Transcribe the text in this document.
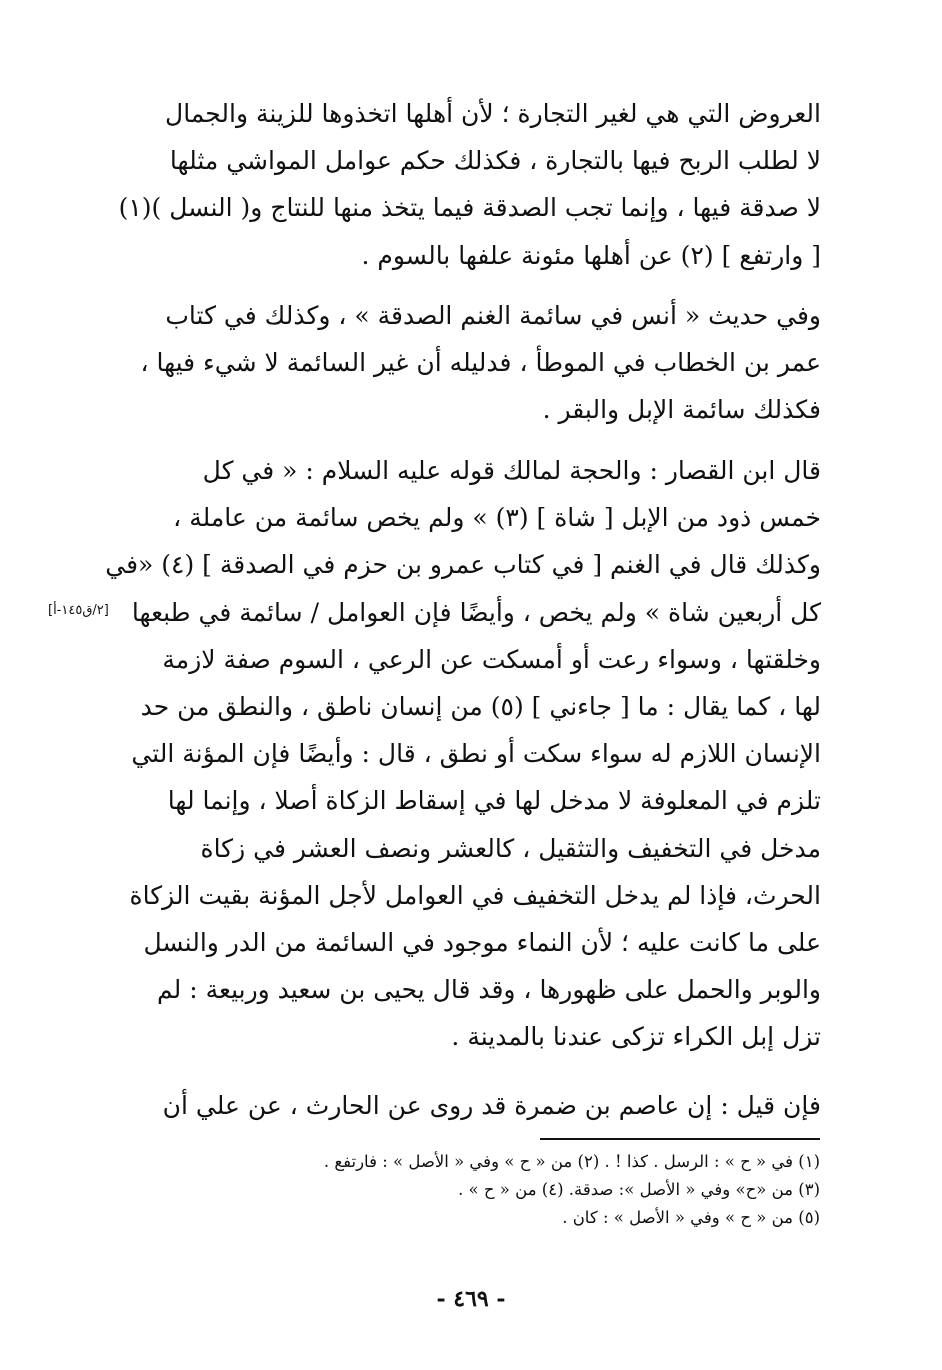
العروض التي هي لغير التجارة ؛ لأن أهلها اتخذوها للزينة والجمال
لا لطلب الربح فيها بالتجارة ، فكذلك حكم عوامل المواشي مثلها
لا صدقة فيها ، وإنما تجب الصدقة فيما يتخذ منها للنتاج و( النسل )(١)
[ وارتفع ] (٢) عن أهلها مئونة علفها بالسوم .
وفي حديث « أنس في سائمة الغنم الصدقة » ، وكذلك في كتاب
عمر بن الخطاب في الموطأ ، فدليله أن غير السائمة لا شيء فيها ،
فكذلك سائمة الإبل والبقر .
قال ابن القصار : والحجة لمالك قوله عليه السلام : « في كل
خمس ذود من الإبل [ شاة ] (٣) » ولم يخص سائمة من عاملة ،
وكذلك قال في الغنم [ في كتاب عمرو بن حزم في الصدقة ] (٤) «في
كل أربعين شاة » ولم يخص ، وأيضًا فإن العوامل / سائمة في طبعها
وخلقتها ، وسواء رعت أو أمسكت عن الرعي ، السوم صفة لازمة
لها ، كما يقال : ما [ جاءني ] (٥) من إنسان ناطق ، والنطق من حد
الإنسان اللازم له سواء سكت أو نطق ، قال : وأيضًا فإن المؤنة التي
تلزم في المعلوفة لا مدخل لها في إسقاط الزكاة أصلا ، وإنما لها
مدخل في التخفيف والتثقيل ، كالعشر ونصف العشر في زكاة
الحرث، فإذا لم يدخل التخفيف في العوامل لأجل المؤنة بقيت الزكاة
على ما كانت عليه ؛ لأن النماء موجود في السائمة من الدر والنسل
والوبر والحمل على ظهورها ، وقد قال يحيى بن سعيد وربيعة : لم
تزل إبل الكراء تزكى عندنا بالمدينة .
فإن قيل : إن عاصم بن ضمرة قد روى عن الحارث ، عن علي أن
[٢/ق١٤٥-أ]
(١) في « ح » : الرسل . كذا ! . (٢) من « ح » وفي « الأصل » : فارتفع .
(٣) من «ح» وفي « الأصل »: صدقة. (٤) من « ح » .
(٥) من « ح » وفي « الأصل » : كان .
- ٤٦٩ -
